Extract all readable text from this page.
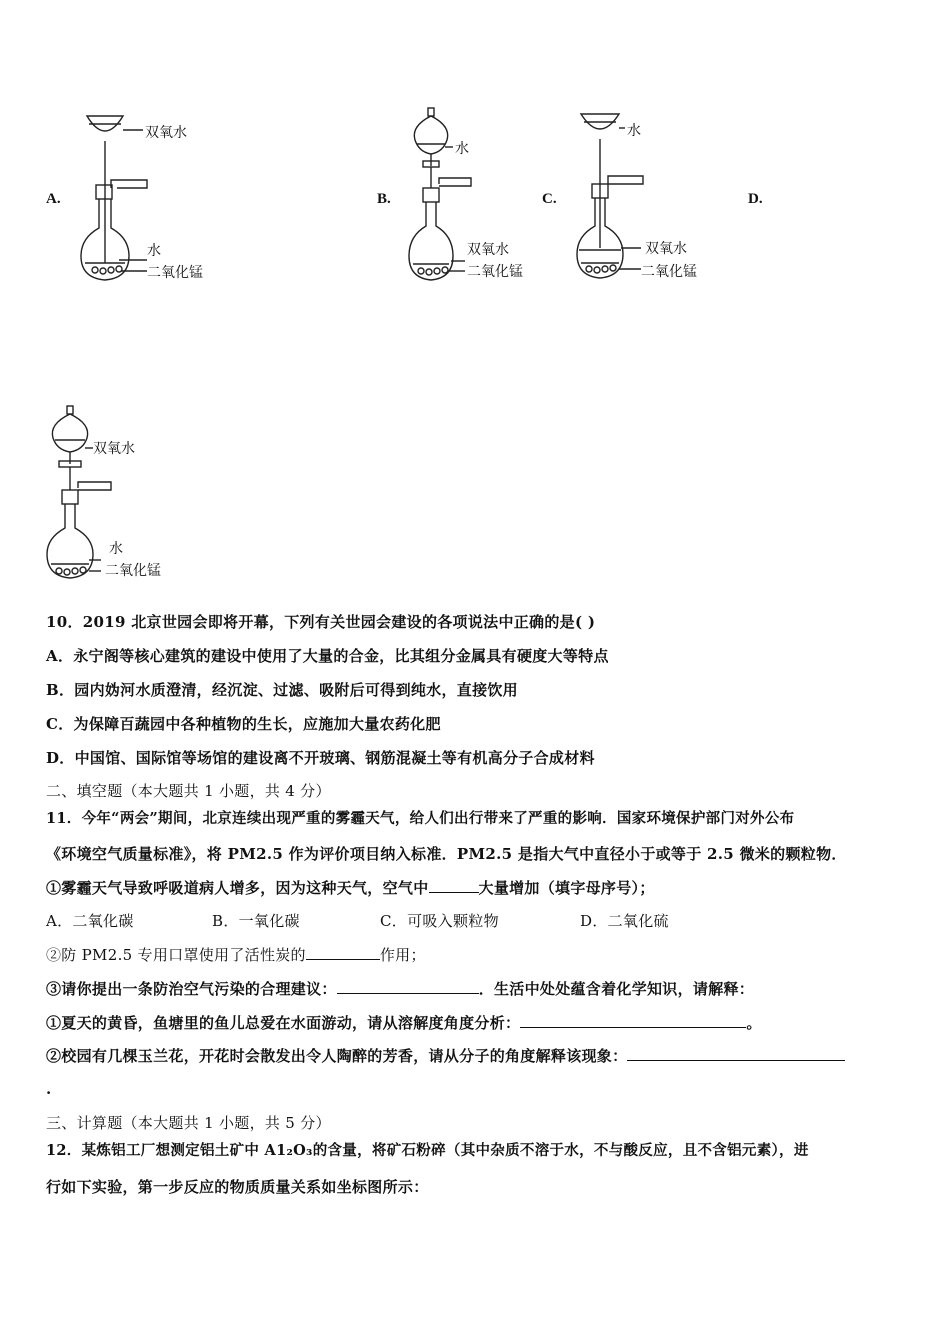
A.	B.	C.	D.
双氧水
水
二氧化锰
水
双氧水
二氧化锰
水
双氧水
二氧化锰
双氧水
水
二氧化锰
10．2019 北京世园会即将开幕，下列有关世园会建设的各项说法中正确的是( )
A．永宁阁等核心建筑的建设中使用了大量的合金，比其组分金属具有硬度大等特点
B．园内妫河水质澄清，经沉淀、过滤、吸附后可得到纯水，直接饮用
C．为保障百蔬园中各种植物的生长，应施加大量农药化肥
D．中国馆、国际馆等场馆的建设离不开玻璃、钢筋混凝土等有机高分子合成材料
二、填空题（本大题共 1 小题，共 4 分）
11．今年“两会”期间，北京连续出现严重的雾霾天气，给人们出行带来了严重的影响．国家环境保护部门对外公布
《环境空气质量标准》，将 PM2.5 作为评价项目纳入标准．PM2.5 是指大气中直径小于或等于 2.5 微米的颗粒物．
①雾霾天气导致呼吸道病人增多，因为这种天气，空气中	大量增加（填字母序号）；
A．二氧化碳	B．一氧化碳	C．可吸入颗粒物	D．二氧化硫
②防 PM2.5 专用口罩使用了活性炭的	作用；
③请你提出一条防治空气污染的合理建议：	．生活中处处蕴含着化学知识，请解释：
①夏天的黄昏，鱼塘里的鱼儿总爱在水面游动，请从溶解度角度分析：	。
②校园有几棵玉兰花，开花时会散发出令人陶醉的芳香，请从分子的角度解释该现象：
.
三、计算题（本大题共 1 小题，共 5 分）
12．某炼铝工厂想测定铝土矿中 A1₂O₃的含量，将矿石粉碎（其中杂质不溶于水，不与酸反应，且不含铝元素），进
行如下实验，第一步反应的物质质量关系如坐标图所示：
